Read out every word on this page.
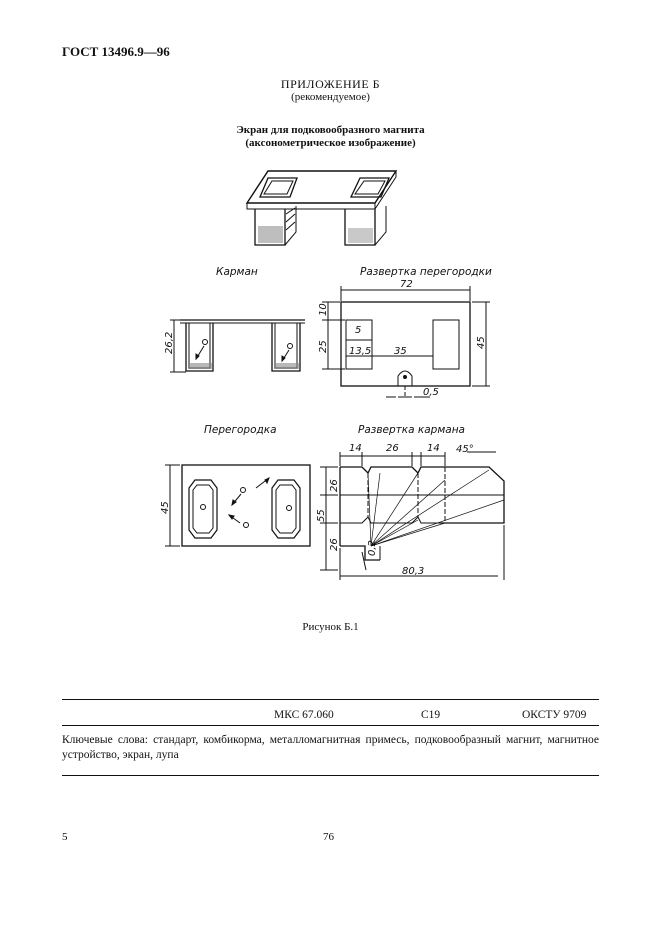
ГОСТ 13496.9—96
ПРИЛОЖЕНИЕ Б
(рекомендуемое)
Экран для подковообразного магнита
(аксонометрическое изображение)
Карман
26,2
Развертка перегородки
72
10
5
25 13,5 35
45
0,5
Перегородка
45
Развертка кармана
14 26	14 45°
26
55
26	0,2
80,3
Рисунок Б.1
МКС 67.060	С19	ОКСТУ 9709
Ключевые слова: стандарт, комбикорма, металломагнитная примесь, подковообразный магнит, магнитное устройство, экран, лупа
5	76
